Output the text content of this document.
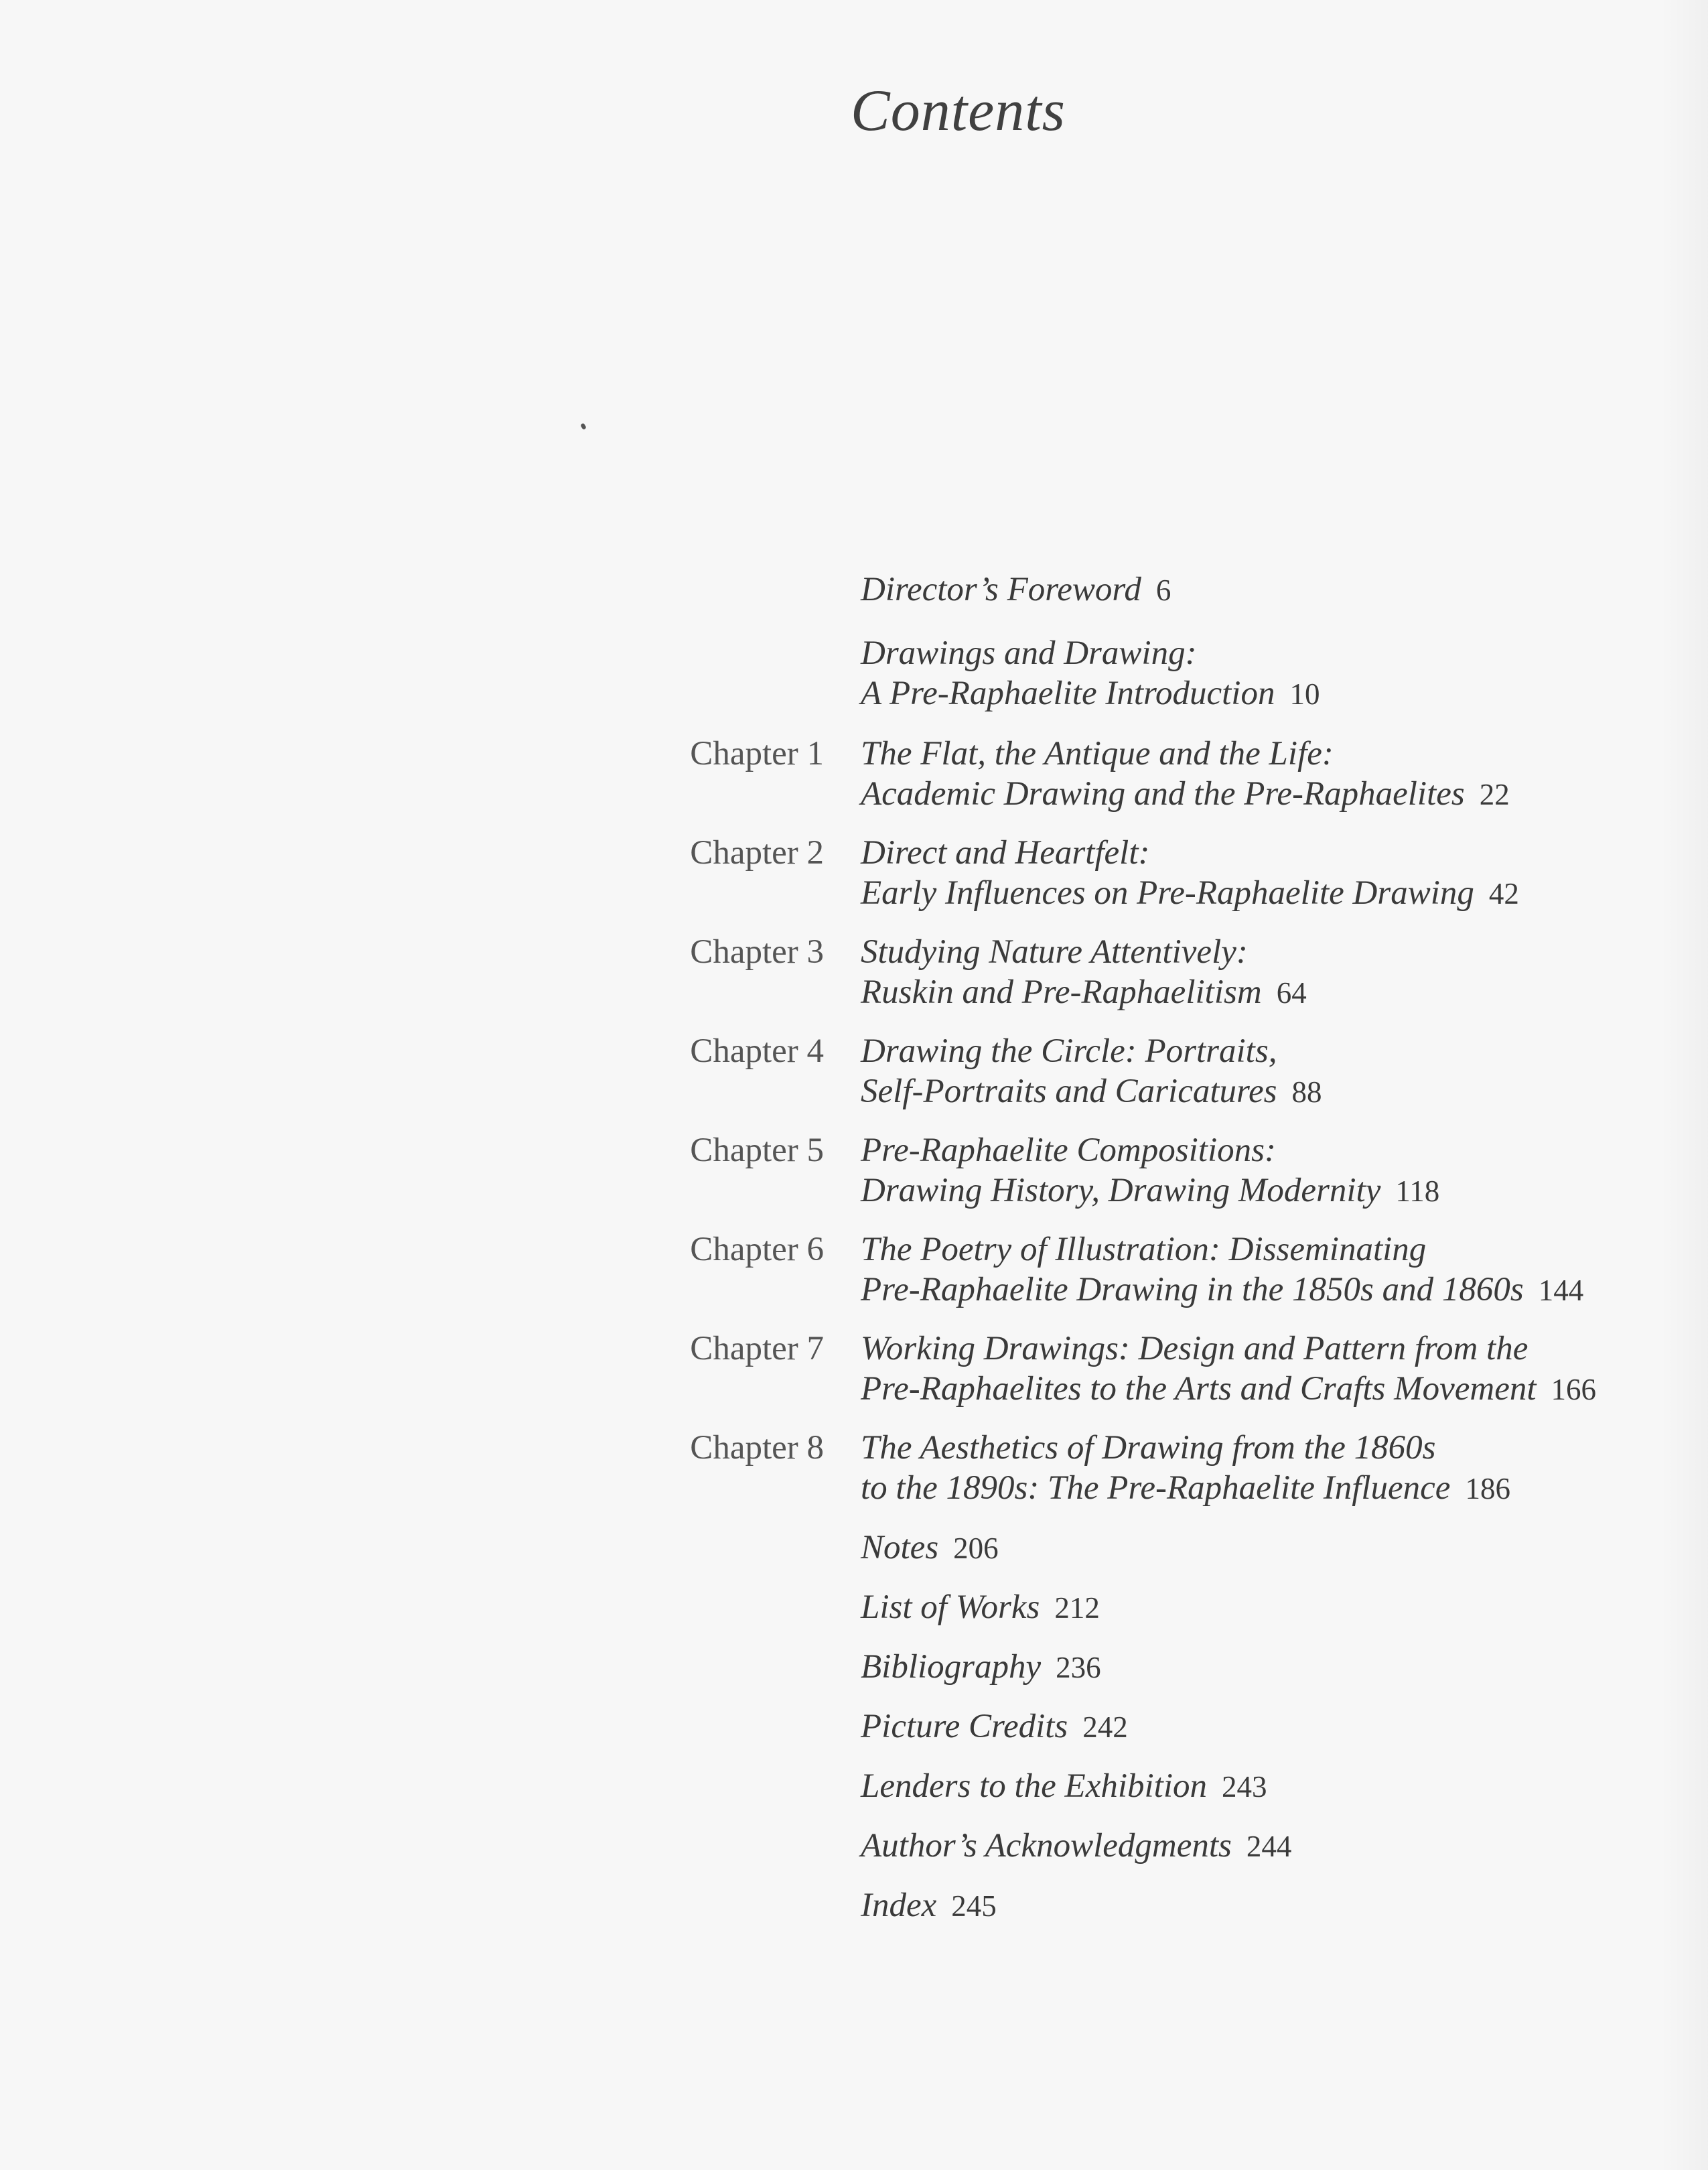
Contents
Director’s Foreword 6
Drawings and Drawing:
A Pre-Raphaelite Introduction 10
Chapter 1 The Flat, the Antique and the Life:
Academic Drawing and the Pre-Raphaelites 22
Chapter 2 Direct and Heartfelt:
Early Influences on Pre-Raphaelite Drawing 42
Chapter 3 Studying Nature Attentively:
Ruskin and Pre-Raphaelitism 64
Chapter 4 Drawing the Circle: Portraits,
Self-Portraits and Caricatures 88
Chapter 5 Pre-Raphaelite Compositions:
Drawing History, Drawing Modernity 118
Chapter 6 The Poetry of Illustration: Disseminating
Pre-Raphaelite Drawing in the 1850s and 1860s 144
Chapter 7 Working Drawings: Design and Pattern from the
Pre-Raphaelites to the Arts and Crafts Movement 166
Chapter 8 The Aesthetics of Drawing from the 1860s
to the 1890s: The Pre-Raphaelite Influence 186
Notes 206
List of Works 212
Bibliography 236
Picture Credits 242
Lenders to the Exhibition 243
Author’s Acknowledgments 244
Index 245
